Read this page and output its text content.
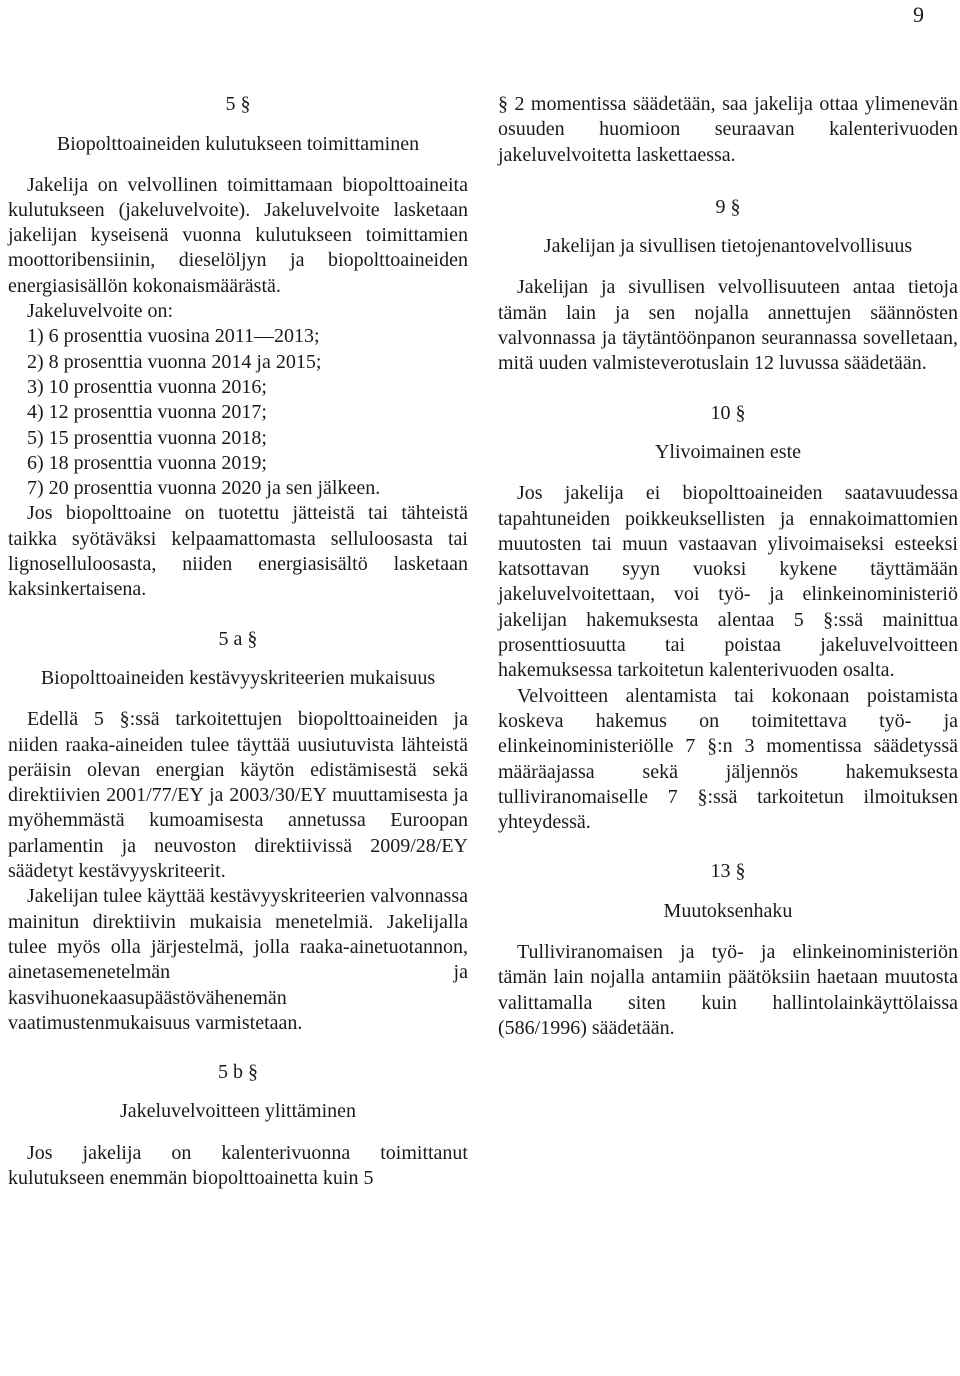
9

5 §

Biopolttoaineiden kulutukseen toimittaminen

Jakelija on velvollinen toimittamaan biopolttoaineita kulutukseen (jakeluvelvoite). Jakeluvelvoite lasketaan jakelijan kyseisenä vuonna kulutukseen toimittamien moottoribensiinin, dieselöljyn ja biopolttoaineiden energiasisällön kokonaismäärästä.

Jakeluvelvoite on:

1) 6 prosenttia vuosina 2011—2013;

2) 8 prosenttia vuonna 2014 ja 2015;

3) 10 prosenttia vuonna 2016;

4) 12 prosenttia vuonna 2017;

5) 15 prosenttia vuonna 2018;

6) 18 prosenttia vuonna 2019;

7) 20 prosenttia vuonna 2020 ja sen jälkeen.

Jos biopolttoaine on tuotettu jätteistä tai tähteistä taikka syötäväksi kelpaamattomasta selluloosasta tai lignoselluloosasta, niiden energiasisältö lasketaan kaksinkertaisena.

5 a §

Biopolttoaineiden kestävyyskriteerien mukaisuus

Edellä 5 §:ssä tarkoitettujen biopolttoaineiden ja niiden raaka-aineiden tulee täyttää uusiutuvista lähteistä peräisin olevan energian käytön edistämisestä sekä direktiivien 2001/77/EY ja 2003/30/EY muuttamisesta ja myöhemmästä kumoamisesta annetussa Euroopan parlamentin ja neuvoston direktiivissä 2009/28/EY säädetyt kestävyyskriteerit.

Jakelijan tulee käyttää kestävyyskriteerien valvonnassa mainitun direktiivin mukaisia menetelmiä. Jakelijalla tulee myös olla järjestelmä, jolla raaka-ainetuotannon, ainetasemenetelmän ja kasvihuonekaasupäästövähenemän vaatimustenmukaisuus varmistetaan.

5 b §

Jakeluvelvoitteen ylittäminen

Jos jakelija on kalenterivuonna toimittanut kulutukseen enemmän biopolttoainetta kuin 5

§ 2 momentissa säädetään, saa jakelija ottaa ylimenevän osuuden huomioon seuraavan kalenterivuoden jakeluvelvoitetta laskettaessa.

9 §

Jakelijan ja sivullisen tietojenantovelvollisuus

Jakelijan ja sivullisen velvollisuuteen antaa tietoja tämän lain ja sen nojalla annettujen säännösten valvonnassa ja täytäntöönpanon seurannassa sovelletaan, mitä uuden valmisteverotuslain 12 luvussa säädetään.

10 §

Ylivoimainen este

Jos jakelija ei biopolttoaineiden saatavuudessa tapahtuneiden poikkeuksellisten ja ennakoimattomien muutosten tai muun vastaavan ylivoimaiseksi esteeksi katsottavan syyn vuoksi kykene täyttämään jakeluvelvoitettaan, voi työ- ja elinkeinoministeriö jakelijan hakemuksesta alentaa 5 §:ssä mainittua prosenttiosuutta tai poistaa jakeluvelvoitteen hakemuksessa tarkoitetun kalenterivuoden osalta.

Velvoitteen alentamista tai kokonaan poistamista koskeva hakemus on toimitettava työ- ja elinkeinoministeriölle 7 §:n 3 momentissa säädetyssä määräajassa sekä jäljennös hakemuksesta tulliviranomaiselle 7 §:ssä tarkoitetun ilmoituksen yhteydessä.

13 §

Muutoksenhaku

Tulliviranomaisen ja työ- ja elinkeinoministeriön tämän lain nojalla antamiin päätöksiin haetaan muutosta valittamalla siten kuin hallintolainkäyttölaissa (586/1996) säädetään.
